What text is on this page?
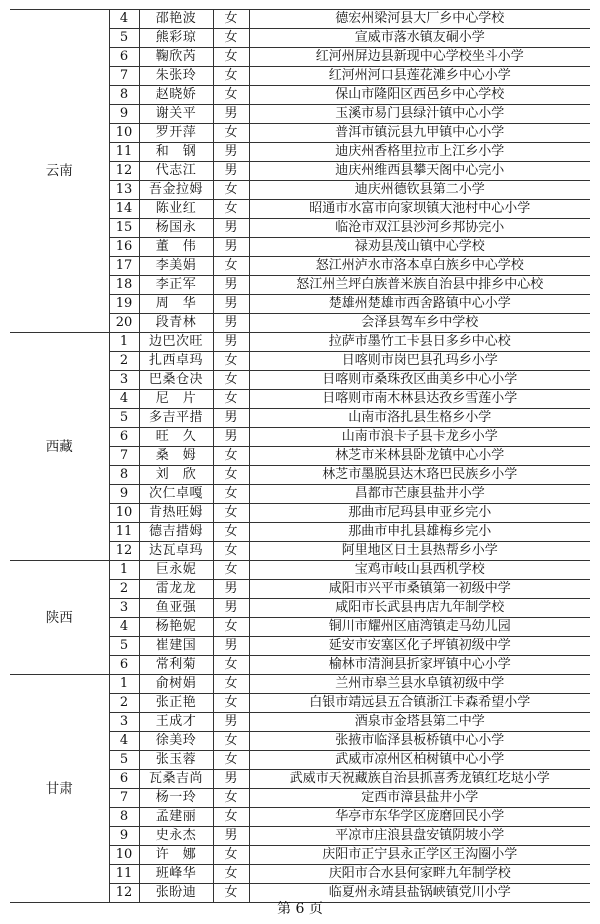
云南	4	邵艳波	女	德宏州梁河县大厂乡中心学校
	5	熊彩琼	女	宣威市落水镇友硐小学
	6	鞠欣芮	女	红河州屏边县新现中心学校坐斗小学
	7	朱张玲	女	红河州河口县莲花滩乡中心小学
	8	赵晓娇	女	保山市隆阳区西邑乡中心学校
	9	谢关平	男	玉溪市易门县绿汁镇中心小学
	10	罗开萍	女	普洱市镇沅县九甲镇中心小学
	11	和　钢	男	迪庆州香格里拉市上江乡小学
	12	代志江	男	迪庆州维西县攀天阁中心完小
	13	吾金拉姆	女	迪庆州德钦县第二小学
	14	陈业红	女	昭通市水富市向家坝镇大池村中心小学
	15	杨国永	男	临沧市双江县沙河乡邦协完小
	16	董　伟	男	禄劝县茂山镇中心学校
	17	李美娟	女	怒江州泸水市洛本卓白族乡中心学校
	18	李正军	男	怒江州兰坪白族普米族自治县中排乡中心校
	19	周　华	男	楚雄州楚雄市西舍路镇中心小学
	20	段青林	男	会泽县驾车乡中学校
西藏	1	边巴次旺	男	拉萨市墨竹工卡县日多乡中心校
	2	扎西卓玛	女	日喀则市岗巴县孔玛乡小学
	3	巴桑仓决	女	日喀则市桑珠孜区曲美乡中心小学
	4	尼　片	女	日喀则市南木林县达孜乡雪莲小学
	5	多吉平措	男	山南市洛扎县生格乡小学
	6	旺　久	男	山南市浪卡子县卡龙乡小学
	7	桑　姆	女	林芝市米林县卧龙镇中心小学
	8	刘　欣	女	林芝市墨脱县达木珞巴民族乡小学
	9	次仁卓嘎	女	昌都市芒康县盐井小学
	10	肯热旺姆	女	那曲市尼玛县申亚乡完小
	11	德吉措姆	女	那曲市申扎县雄梅乡完小
	12	达瓦卓玛	女	阿里地区日土县热帮乡小学
陕西	1	巨永妮	女	宝鸡市岐山县西机学校
	2	雷龙龙	男	咸阳市兴平市桑镇第一初级中学
	3	鱼亚强	男	咸阳市长武县冉店九年制学校
	4	杨艳妮	女	铜川市耀州区庙湾镇走马幼儿园
	5	崔建国	男	延安市安塞区化子坪镇初级中学
	6	常利菊	女	榆林市清涧县折家坪镇中心小学
甘肃	1	俞树娟	女	兰州市皋兰县水阜镇初级中学
	2	张正艳	女	白银市靖远县五合镇浙江卡森希望小学
	3	王成才	男	酒泉市金塔县第二中学
	4	徐美玲	女	张掖市临泽县板桥镇中心小学
	5	张玉蓉	女	武威市凉州区柏树镇中心小学
	6	瓦桑吉尚	男	武威市天祝藏族自治县抓喜秀龙镇红圪垯小学
	7	杨一玲	女	定西市漳县盐井小学
	8	孟建丽	女	华亭市东华学区庞磨回民小学
	9	史永杰	男	平凉市庄浪县盘安镇阴坡小学
	10	许　娜	女	庆阳市正宁县永正学区王沟圈小学
	11	班峰华	女	庆阳市合水县何家畔九年制学校
	12	张盼迪	女	临夏州永靖县盐锅峡镇党川小学
第 6 页
